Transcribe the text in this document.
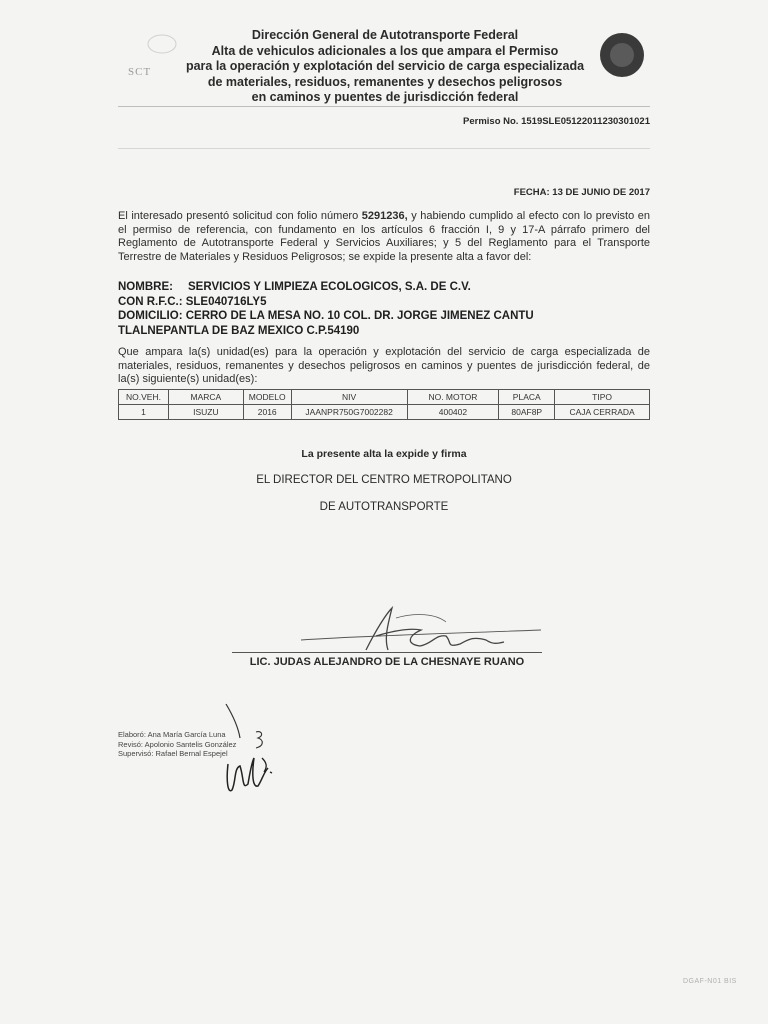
SCT
Dirección General de Autotransporte Federal
Alta de vehiculos adicionales a los que ampara el Permiso
para la operación y explotación del servicio de carga especializada
de materiales, residuos, remanentes y desechos peligrosos
en caminos y puentes de jurisdicción federal
Permiso No. 1519SLE05122011230301021
FECHA: 13 DE JUNIO DE 2017
El interesado presentó solicitud con folio número 5291236, y habiendo cumplido al efecto con lo previsto en el permiso de referencia, con fundamento en los artículos 6 fracción I, 9 y 17-A párrafo primero del Reglamento de Autotransporte Federal y Servicios Auxiliares; y 5 del Reglamento para el Transporte Terrestre de Materiales y Residuos Peligrosos; se expide la presente alta a favor del:
NOMBRE: SERVICIOS Y LIMPIEZA ECOLOGICOS, S.A. DE C.V.
CON R.F.C.: SLE040716LY5
DOMICILIO: CERRO DE LA MESA NO. 10 COL. DR. JORGE JIMENEZ CANTU
TLALNEPANTLA DE BAZ MEXICO C.P.54190
Que ampara la(s) unidad(es) para la operación y explotación del servicio de carga especializada de materiales, residuos, remanentes y desechos peligrosos en caminos y puentes de jurisdicción federal, de la(s) siguiente(s) unidad(es):
NO.VEH.	MARCA	MODELO	NIV	NO. MOTOR	PLACA	TIPO
1	ISUZU	2016	JAANPR750G7002282	400402	80AF8P	CAJA CERRADA
La presente alta la expide y firma
EL DIRECTOR DEL CENTRO METROPOLITANO
DE AUTOTRANSPORTE
LIC. JUDAS ALEJANDRO DE LA CHESNAYE RUANO
Elaboró: Ana María García Luna
Revisó: Apolonio Santelis González
Supervisó: Rafael Bernal Espejel
DGAF-N01 BIS
